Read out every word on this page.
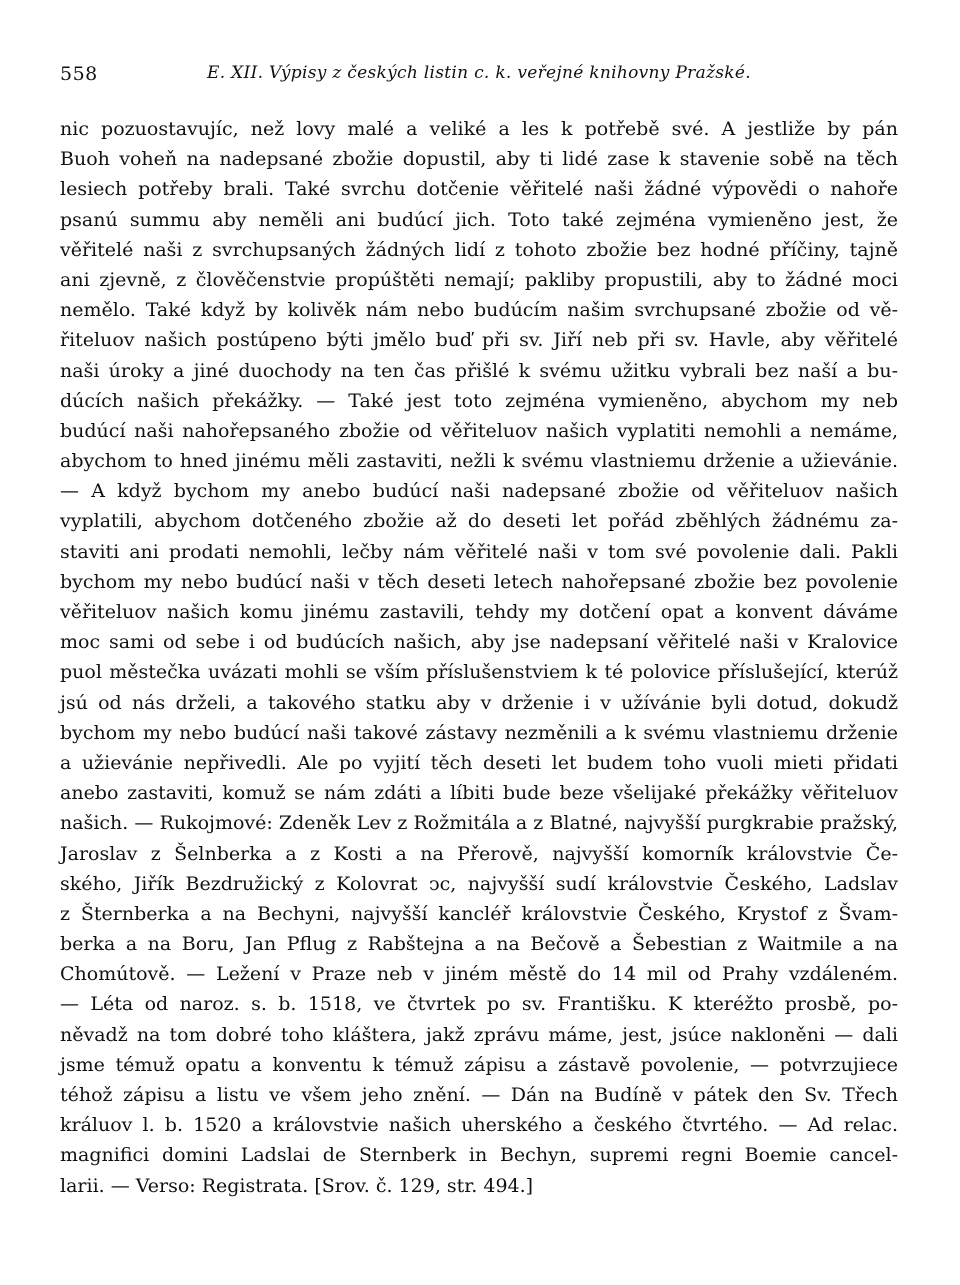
558	E. XII. Výpisy z českých listin c. k. veřejné knihovny Pražské.
nic pozuostavujíc, než lovy malé a veliké a les k potřebě své. A jestliže by pán
Buoh voheň na nadepsané zbožie dopustil, aby ti lidé zase k stavenie sobě na těch
lesiech potřeby brali. Také svrchu dotčenie věřitelé naši žádné výpovědi o nahoře
psanú summu aby neměli ani budúcí jich. Toto také zejména vymieněno jest, že
věřitelé naši z svrchupsaných žádných lidí z tohoto zbožie bez hodné příčiny, tajně
ani zjevně, z člověčenstvie propúštěti nemají; pakliby propustili, aby to žádné moci
nemělo. Také když by kolivěk nám nebo budúcím našim svrchupsané zbožie od vě-
řiteluov našich postúpeno býti jmělo buď při sv. Jiří neb při sv. Havle, aby věřitelé
naši úroky a jiné duochody na ten čas přišlé k svému užitku vybrali bez naší a bu-
dúcích našich překážky. — Také jest toto zejména vymieněno, abychom my neb
budúcí naši nahořepsaného zbožie od věřiteluov našich vyplatiti nemohli a nemáme,
abychom to hned jinému měli zastaviti, nežli k svému vlastniemu drženie a užievánie.
— A když bychom my anebo budúcí naši nadepsané zbožie od věřiteluov našich
vyplatili, abychom dotčeného zbožie až do deseti let pořád zběhlých žádnému za-
staviti ani prodati nemohli, lečby nám věřitelé naši v tom své povolenie dali. Pakli
bychom my nebo budúcí naši v těch deseti letech nahořepsané zbožie bez povolenie
věřiteluov našich komu jinému zastavili, tehdy my dotčení opat a konvent dáváme
moc sami od sebe i od budúcích našich, aby jse nadepsaní věřitelé naši v Kralovice
puol městečka uvázati mohli se vším příslušenstviem k té polovice příslušející, kterúž
jsú od nás drželi, a takového statku aby v drženie i v užívánie byli dotud, dokudž
bychom my nebo budúcí naši takové zástavy nezměnili a k svému vlastniemu drženie
a užievánie nepřivedli. Ale po vyjití těch deseti let budem toho vuoli mieti přidati
anebo zastaviti, komuž se nám zdáti a líbiti bude beze všelijaké překážky věřiteluov
našich. — Rukojmové: Zdeněk Lev z Rožmitála a z Blatné, najvyšší purgkrabie pražský,
Jaroslav z Šelnberka a z Kosti a na Přerově, najvyšší komorník královstvie Če-
ského, Jiřík Bezdružický z Kolovrat ↄc, najvyšší sudí královstvie Českého, Ladslav
z Šternberka a na Bechyni, najvyšší kancléř královstvie Českého, Krystof z Švam-
berka a na Boru, Jan Pflug z Rabštejna a na Bečově a Šebestian z Waitmile a na
Chomútově. — Ležení v Praze neb v jiném městě do 14 mil od Prahy vzdáleném.
— Léta od naroz. s. b. 1518, ve čtvrtek po sv. Františku. K kteréžto prosbě, po-
něvadž na tom dobré toho kláštera, jakž zprávu máme, jest, jsúce nakloněni — dali
jsme témuž opatu a konventu k témuž zápisu a zástavě povolenie, — potvrzujiece
téhož zápisu a listu ve všem jeho znění. — Dán na Budíně v pátek den Sv. Třech
králuov l. b. 1520 a královstvie našich uherského a českého čtvrtého. — Ad relac.
magnifici domini Ladslai de Sternberk in Bechyn, supremi regni Boemie cancel-
larii. — Verso: Registrata. [Srov. č. 129, str. 494.]
